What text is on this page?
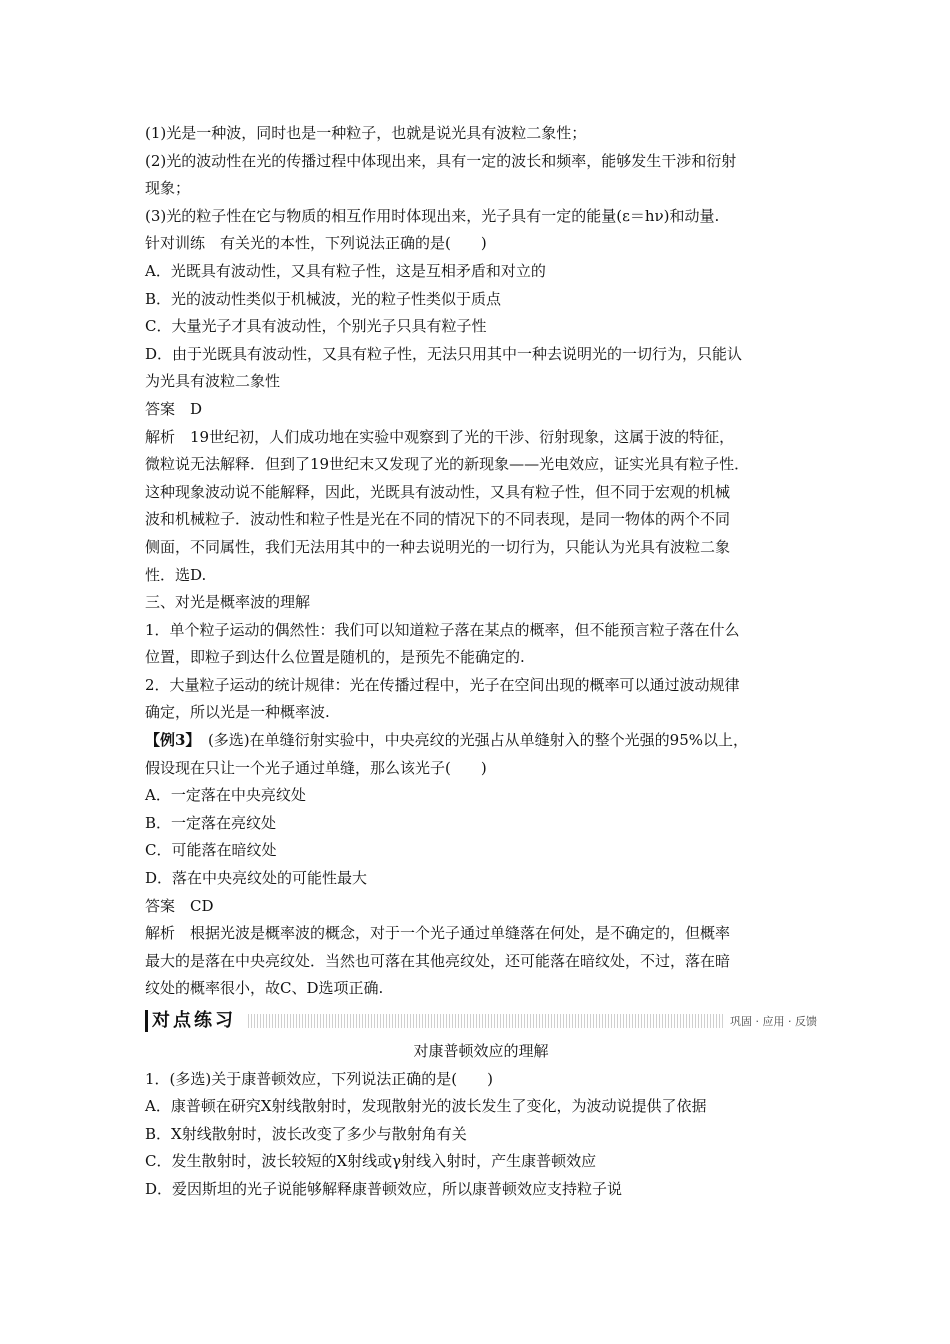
(1)光是一种波，同时也是一种粒子，也就是说光具有波粒二象性；
(2)光的波动性在光的传播过程中体现出来，具有一定的波长和频率，能够发生干涉和衍射
现象；
(3)光的粒子性在它与物质的相互作用时体现出来，光子具有一定的能量(ε＝hν)和动量.
针对训练　有关光的本性，下列说法正确的是(　　)
A．光既具有波动性，又具有粒子性，这是互相矛盾和对立的
B．光的波动性类似于机械波，光的粒子性类似于质点
C．大量光子才具有波动性，个别光子只具有粒子性
D．由于光既具有波动性，又具有粒子性，无法只用其中一种去说明光的一切行为，只能认
为光具有波粒二象性
答案　D
解析　19世纪初，人们成功地在实验中观察到了光的干涉、衍射现象，这属于波的特征，
微粒说无法解释．但到了19世纪末又发现了光的新现象——光电效应，证实光具有粒子性．
这种现象波动说不能解释，因此，光既具有波动性，又具有粒子性，但不同于宏观的机械
波和机械粒子．波动性和粒子性是光在不同的情况下的不同表现，是同一物体的两个不同
侧面，不同属性，我们无法用其中的一种去说明光的一切行为，只能认为光具有波粒二象
性．选D.
三、对光是概率波的理解
1．单个粒子运动的偶然性：我们可以知道粒子落在某点的概率，但不能预言粒子落在什么
位置，即粒子到达什么位置是随机的，是预先不能确定的.
2．大量粒子运动的统计规律：光在传播过程中，光子在空间出现的概率可以通过波动规律
确定，所以光是一种概率波.
【例3】　(多选)在单缝衍射实验中，中央亮纹的光强占从单缝射入的整个光强的95%以上，
假设现在只让一个光子通过单缝，那么该光子(　　)
A．一定落在中央亮纹处
B．一定落在亮纹处
C．可能落在暗纹处
D．落在中央亮纹处的可能性最大
答案　CD
解析　根据光波是概率波的概念，对于一个光子通过单缝落在何处，是不确定的，但概率
最大的是落在中央亮纹处．当然也可落在其他亮纹处，还可能落在暗纹处，不过，落在暗
纹处的概率很小，故C、D选项正确.
对点练习	巩固 · 应用 · 反馈
对康普顿效应的理解
1．(多选)关于康普顿效应，下列说法正确的是(　　)
A．康普顿在研究X射线散射时，发现散射光的波长发生了变化，为波动说提供了依据
B．X射线散射时，波长改变了多少与散射角有关
C．发生散射时，波长较短的X射线或γ射线入射时，产生康普顿效应
D．爱因斯坦的光子说能够解释康普顿效应，所以康普顿效应支持粒子说
